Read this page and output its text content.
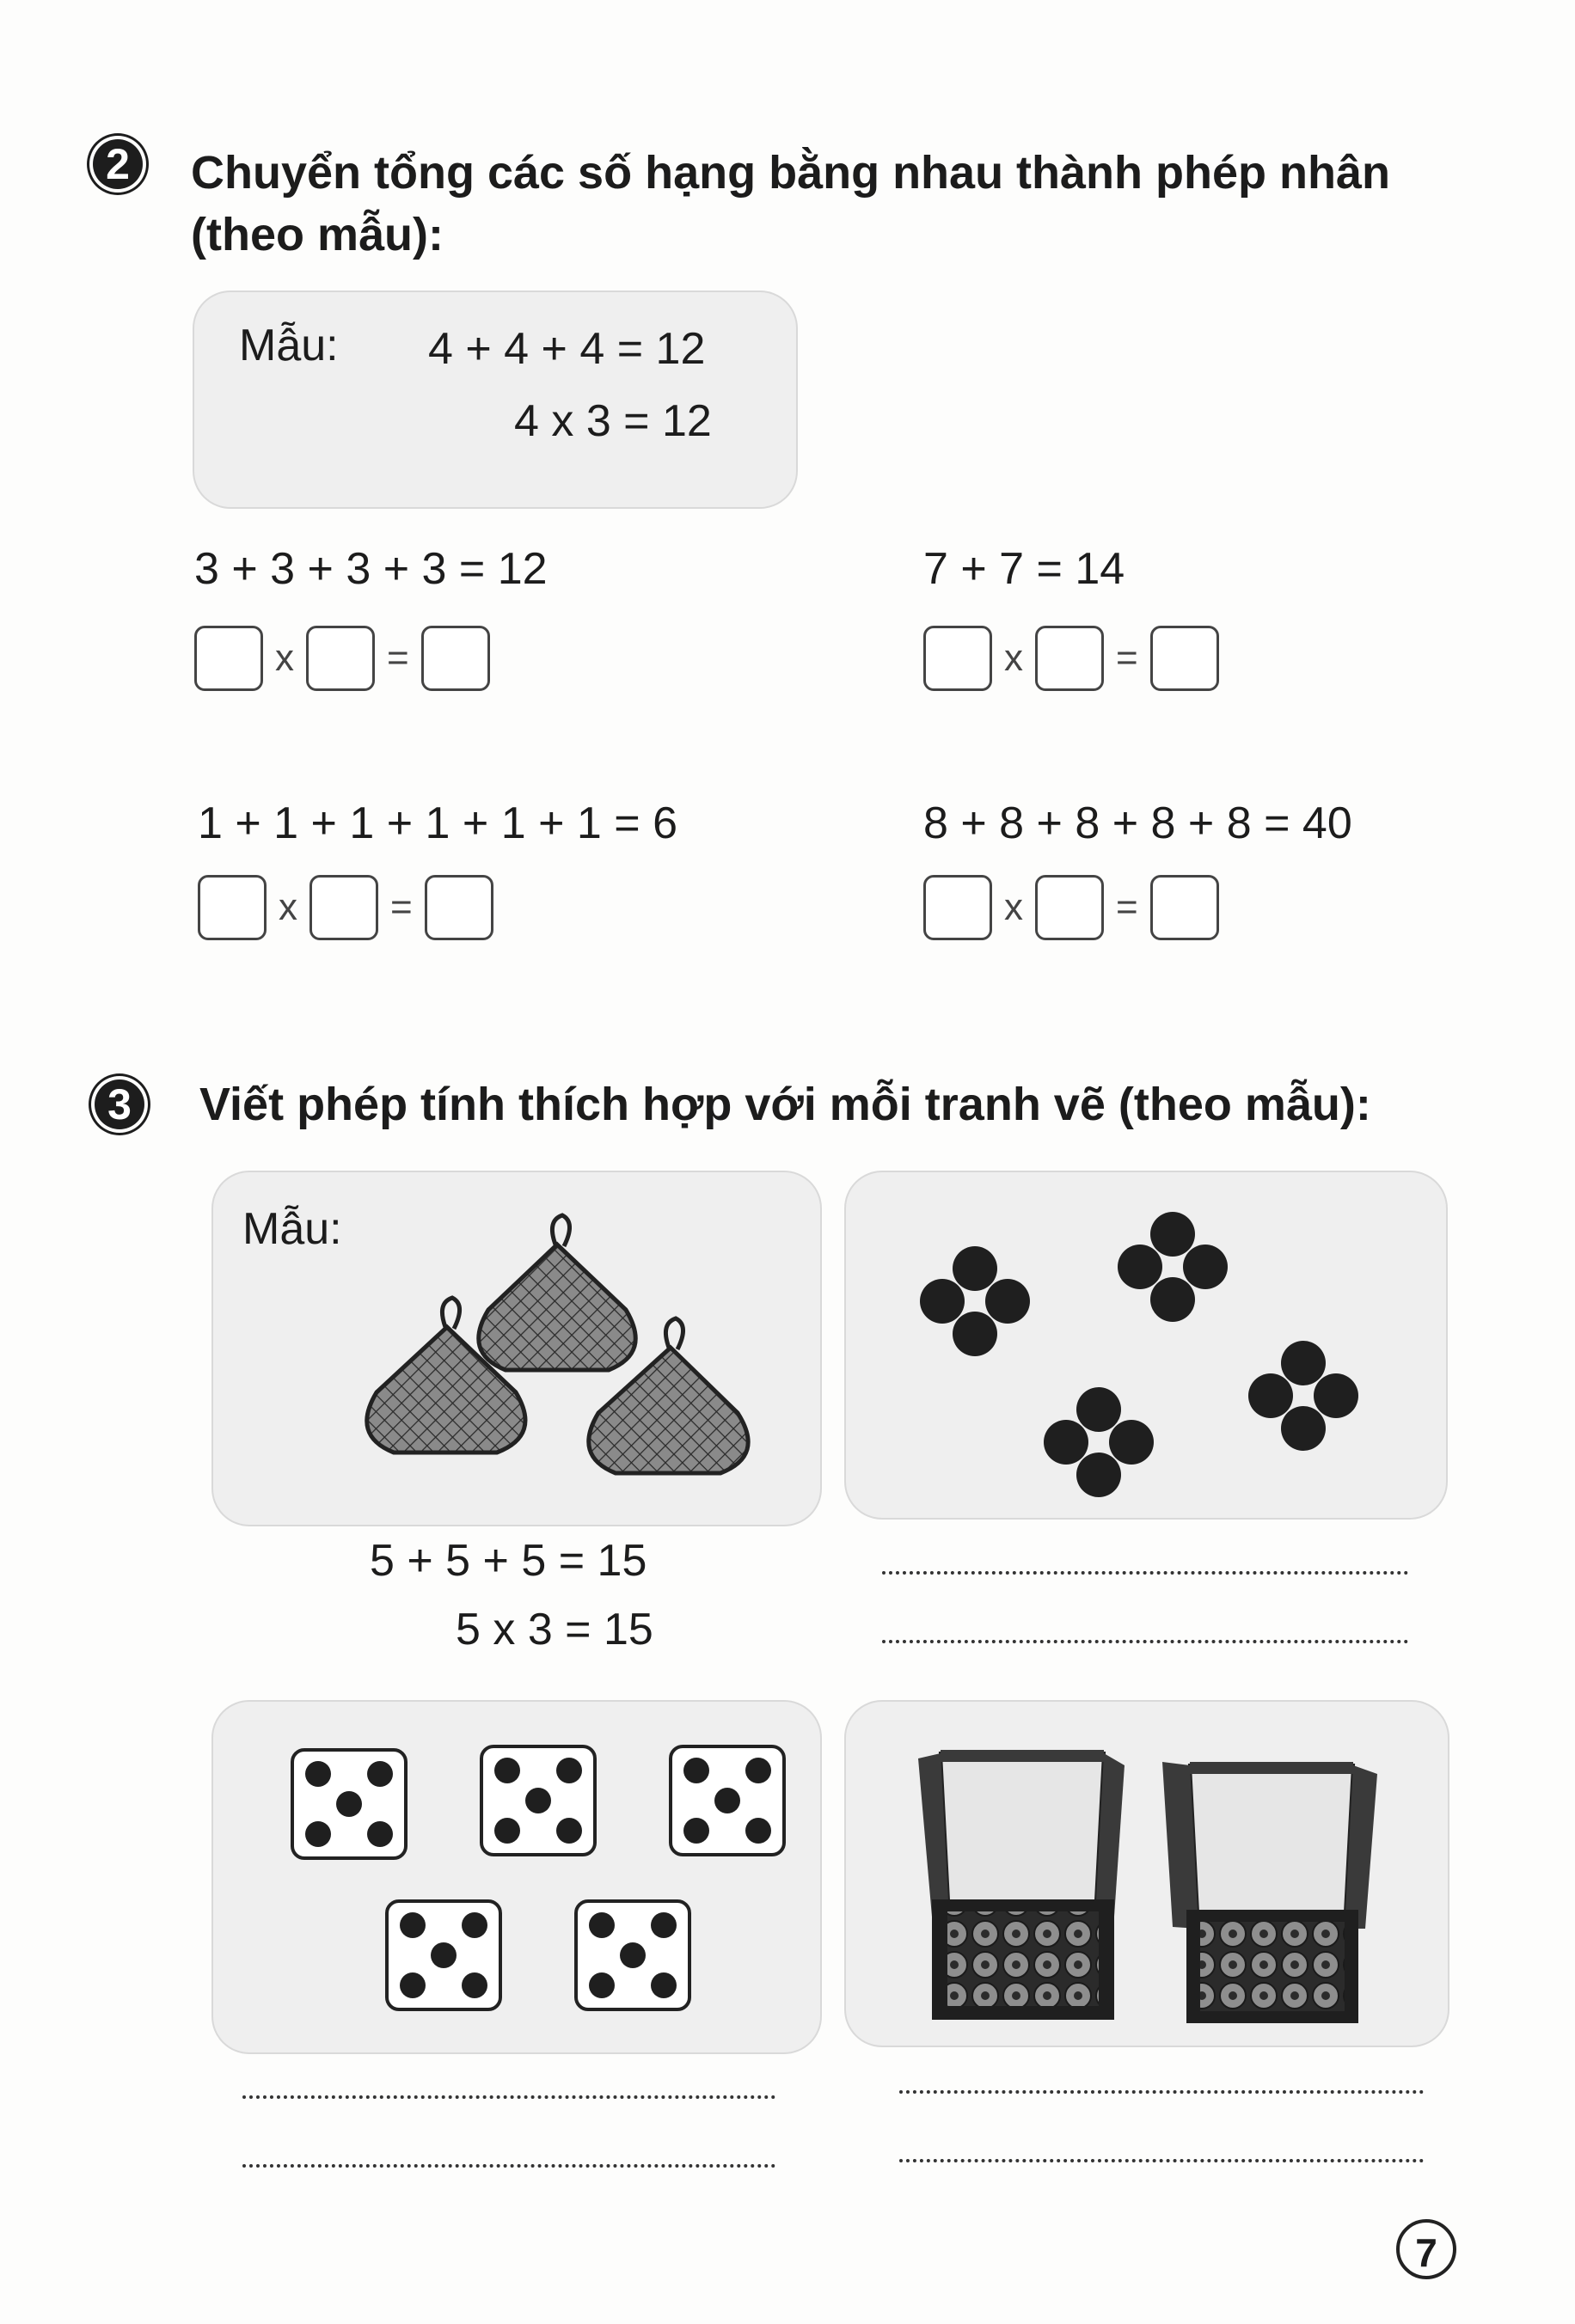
2 Chuyển tổng các số hạng bằng nhau thành phép nhân
(theo mẫu):
Mẫu: 4 + 4 + 4 = 12
4 x 3 = 12
3 + 3 + 3 + 3 = 12
x =
7 + 7 = 14
x =
1 + 1 + 1 + 1 + 1 + 1 = 6
x =
8 + 8 + 8 + 8 + 8 = 40
x =
3 Viết phép tính thích hợp với mỗi tranh vẽ (theo mẫu):
Mẫu:
5 + 5 + 5 = 15
5 x 3 = 15
7
